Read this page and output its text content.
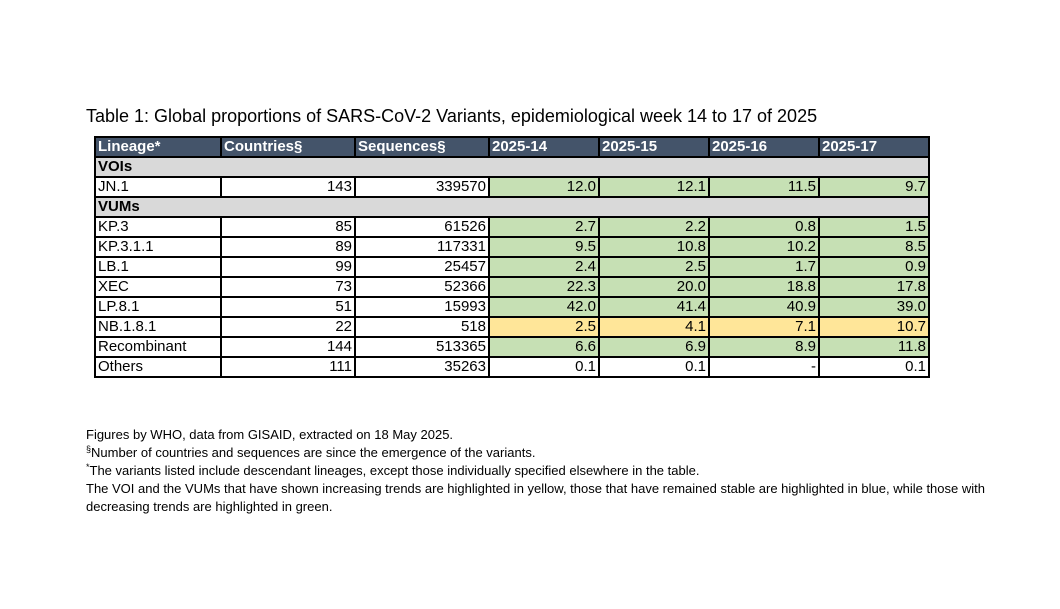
Table 1: Global proportions of SARS-CoV-2 Variants, epidemiological week 14 to 17 of 2025
Lineage*	Countries§	Sequences§	2025-14	2025-15	2025-16	2025-17
VOIs						
JN.1	143	339570	12.0	12.1	11.5	9.7
VUMs						
KP.3	85	61526	2.7	2.2	0.8	1.5
KP.3.1.1	89	117331	9.5	10.8	10.2	8.5
LB.1	99	25457	2.4	2.5	1.7	0.9
XEC	73	52366	22.3	20.0	18.8	17.8
LP.8.1	51	15993	42.0	41.4	40.9	39.0
NB.1.8.1	22	518	2.5	4.1	7.1	10.7
Recombinant	144	513365	6.6	6.9	8.9	11.8
Others	111	35263	0.1	0.1	-	0.1

Figures by WHO, data from GISAID, extracted on 18 May 2025.

§Number of countries and sequences are since the emergence of the variants.

*The variants listed include descendant lineages, except those individually specified elsewhere in the table.

The VOI and the VUMs that have shown increasing trends are highlighted in yellow, those that have remained stable are highlighted in blue, while those with decreasing trends are highlighted in green.
